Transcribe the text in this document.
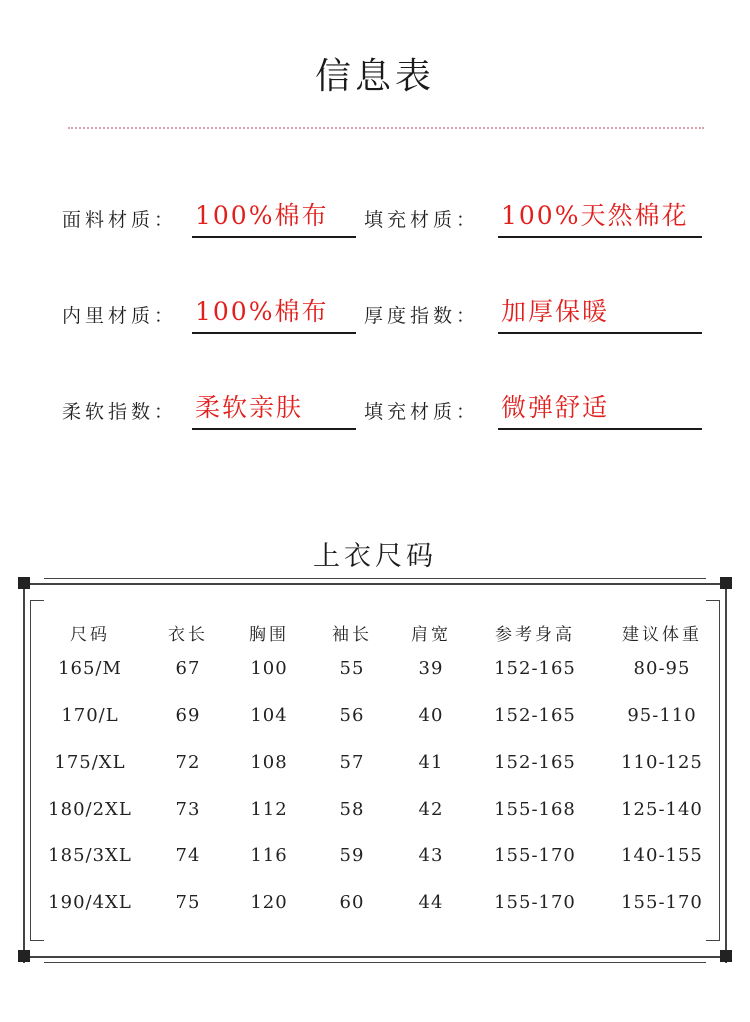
信息表
面料材质： 100%棉布 填充材质： 100%天然棉花
内里材质： 100%棉布 厚度指数： 加厚保暖
柔软指数： 柔软亲肤	填充材质： 微弹舒适
上衣尺码
尺码	衣长	胸围	袖长	肩宽	参考身高	建议体重
165/M	67	100	55	39	152-165	80-95
170/L	69	104	56	40	152-165	95-110
175/XL	72	108	57	41	152-165	110-125
180/2XL	73	112	58	42	155-168	125-140
185/3XL	74	116	59	43	155-170	140-155
190/4XL	75	120	60	44	155-170	155-170
